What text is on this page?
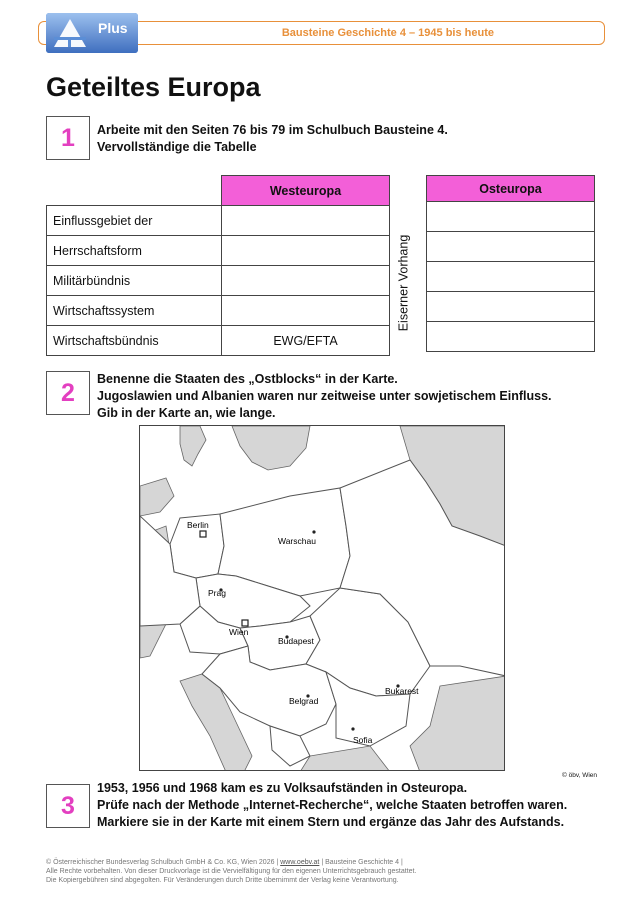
Plus	Bausteine Geschichte 4 – 1945 bis heute
Geteiltes Europa
1	Arbeite mit den Seiten 76 bis 79 im Schulbuch Bausteine 4.
Vervollständige die Tabelle
	Westeuropa
Einflussgebiet der	
Herrschaftsform	
Militärbündnis	
Wirtschaftssystem	
Wirtschaftsbündnis	EWG/EFTA
Eiserner Vorhang
Osteuropa

2	Benenne die Staaten des „Ostblocks“ in der Karte.
Jugoslawien und Albanien waren nur zeitweise unter sowjetischem Einfluss.
Gib in der Karte an, wie lange.
Berlin
Warschau
Prag
Wien
Budapest
Bukarest
Belgrad
Sofia
© öbv, Wien
3
1953, 1956 und 1968 kam es zu Volksaufständen in Osteuropa.
Prüfe nach der Methode „Internet-Recherche“, welche Staaten betroffen waren.
Markiere sie in der Karte mit einem Stern und ergänze das Jahr des Aufstands.
© Österreichischer Bundesverlag Schulbuch GmbH & Co. KG, Wien 2026 | www.oebv.at | Bausteine Geschichte 4 |
Alle Rechte vorbehalten. Von dieser Druckvorlage ist die Vervielfältigung für den eigenen Unterrichtsgebrauch gestattet.
Die Kopiergebühren sind abgegolten. Für Veränderungen durch Dritte übernimmt der Verlag keine Verantwortung.
